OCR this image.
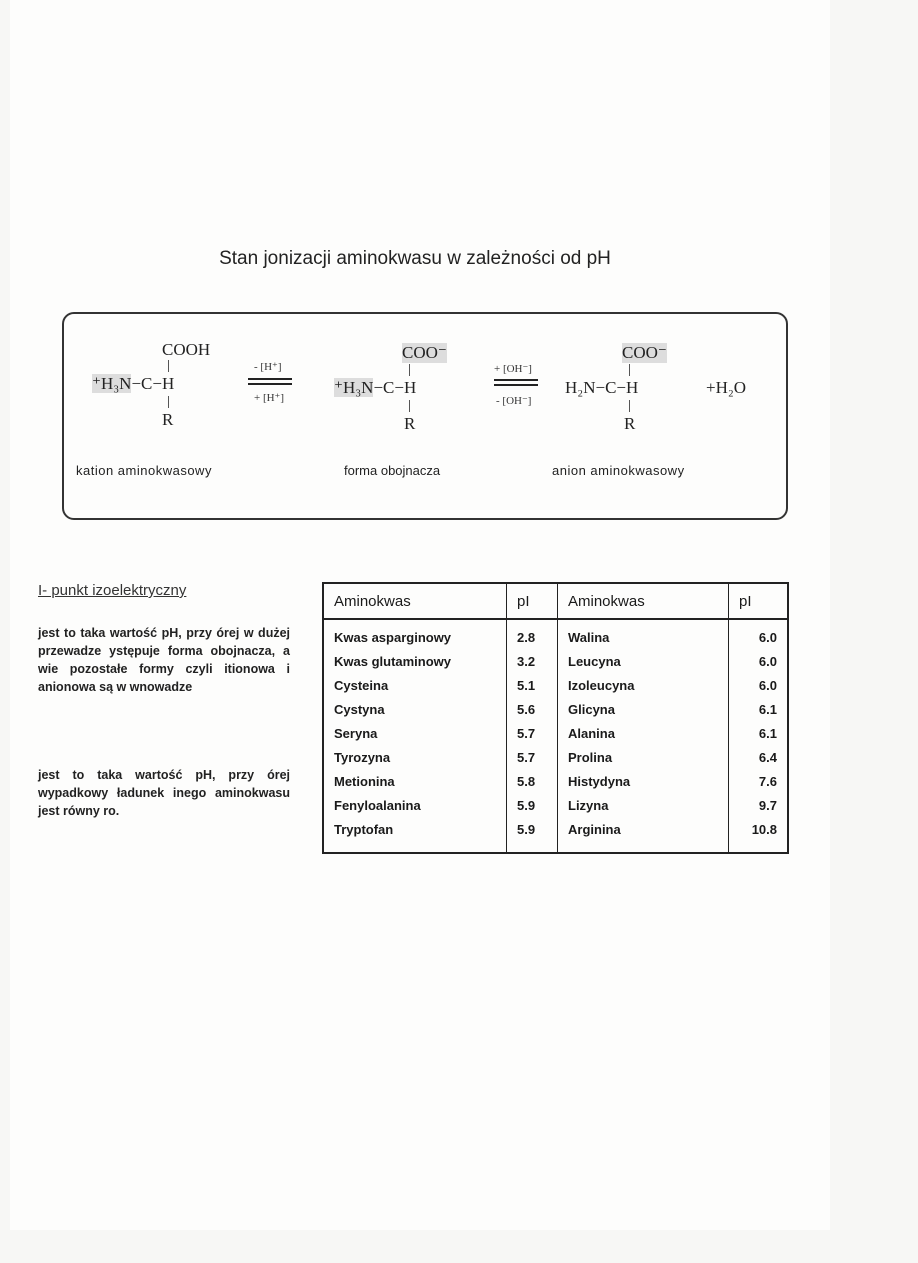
Stan jonizacji aminokwasu w zależności od pH
COOH
⁺H₃N−C−H
R
kation aminokwasowy
- [H⁺]
+ [H⁺]
COO⁻
⁺H₃N−C−H
R
forma obojnacza
+ [OH⁻]
- [OH⁻]
COO⁻
H₂N−C−H
R
anion aminokwasowy
+H₂O
I- punkt izoelektryczny
jest to taka wartość pH, przy órej w dużej przewadze ystępuje forma obojnacza, a wie pozostałe formy czyli itionowa i anionowa są w wnowadze
jest to taka wartość pH, przy órej wypadkowy ładunek inego aminokwasu jest równy ro.
Aminokwas	pI	Aminokwas	pI
Kwas asparginowy	2.8	Walina	6.0
Kwas glutaminowy	3.2	Leucyna	6.0
Cysteina	5.1	Izoleucyna	6.0
Cystyna	5.6	Glicyna	6.1
Seryna	5.7	Alanina	6.1
Tyrozyna	5.7	Prolina	6.4
Metionina	5.8	Histydyna	7.6
Fenyloalanina	5.9	Lizyna	9.7
Tryptofan	5.9	Arginina	10.8
